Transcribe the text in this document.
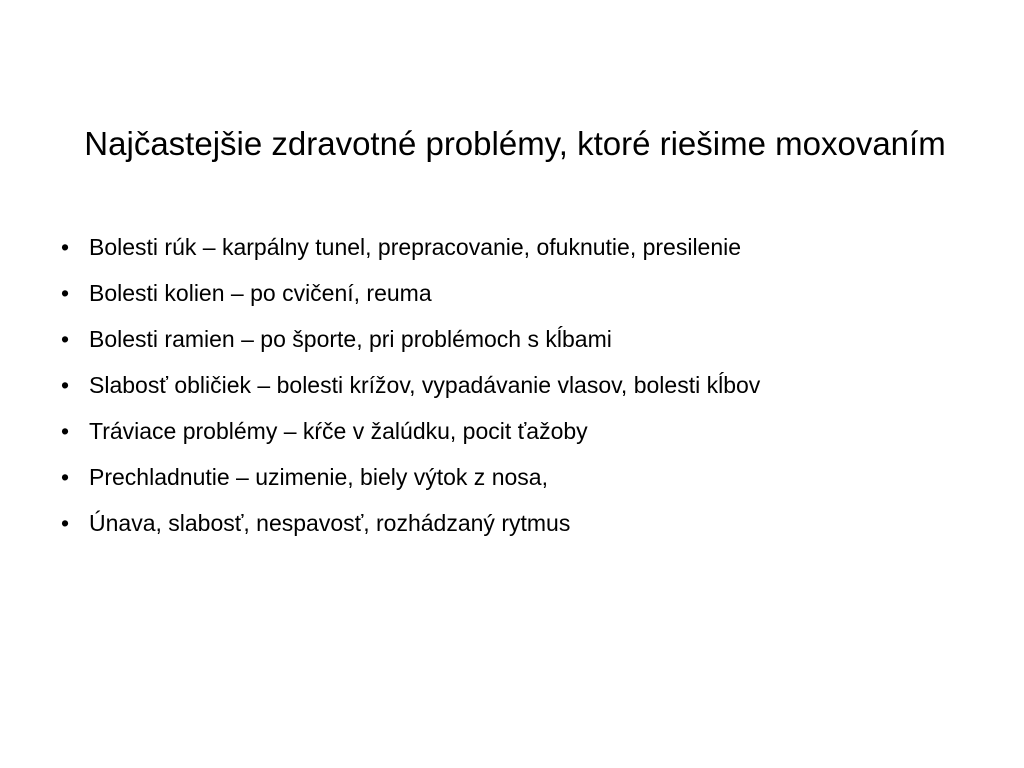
Najčastejšie zdravotné problémy, ktoré riešime moxovaním
• Bolesti rúk – karpálny tunel, prepracovanie, ofuknutie, presilenie
• Bolesti kolien – po cvičení, reuma
• Bolesti ramien – po športe, pri problémoch s kĺbami
• Slabosť obličiek – bolesti krížov, vypadávanie vlasov, bolesti kĺbov
• Tráviace problémy – kŕče v žalúdku, pocit ťažoby
• Prechladnutie – uzimenie, biely výtok z nosa,
• Únava, slabosť, nespavosť, rozhádzaný rytmus
